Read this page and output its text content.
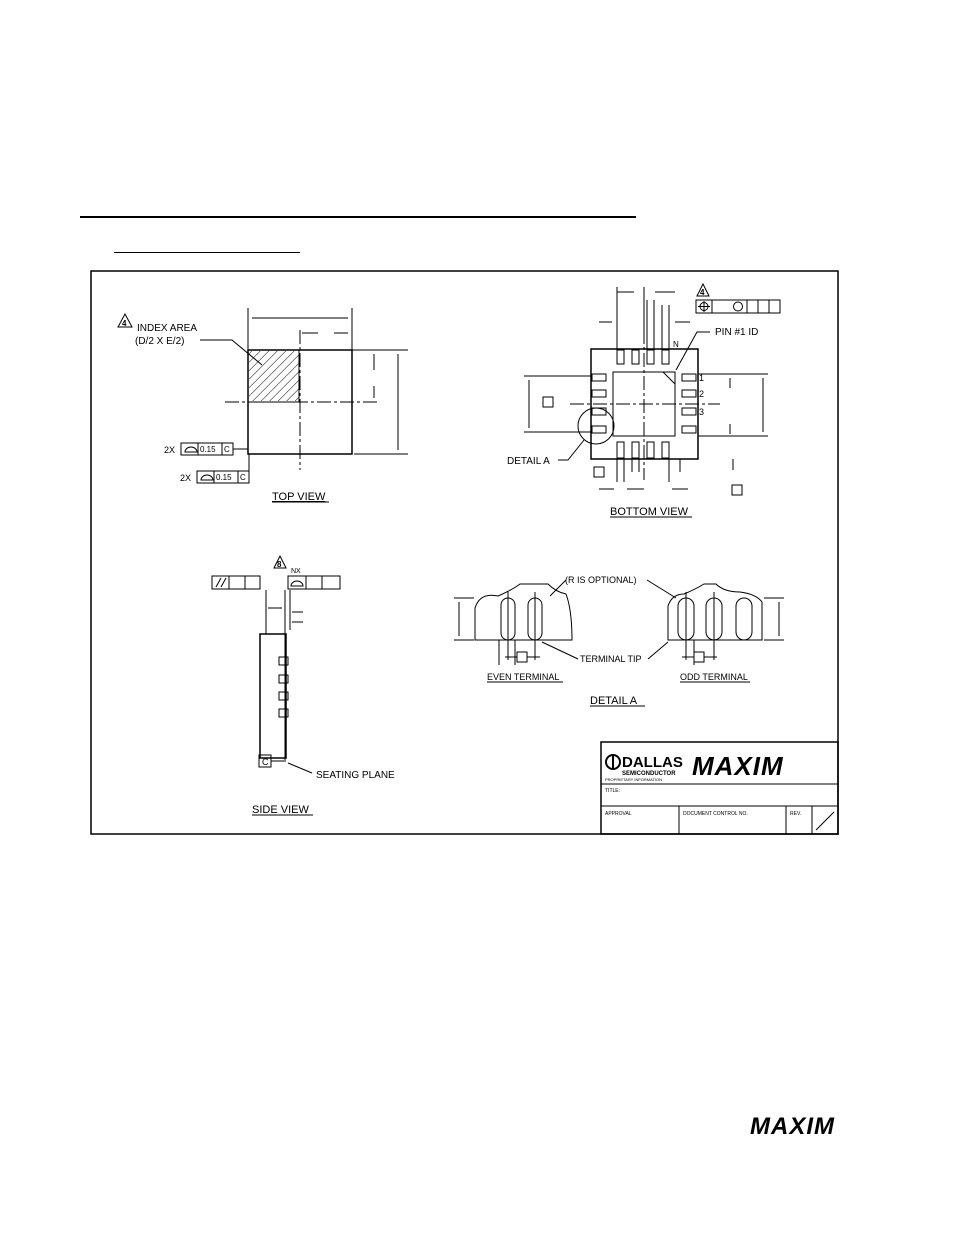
4 INDEX AREA
(D/2 X E/2)
2X	0.15 C
2X	0.15 C
TOP VIEW
4
PIN #1 ID
N
1
2
3
DETAIL A
BOTTOM VIEW
8
NX
C
SEATING PLANE
SIDE VIEW
(R IS OPTIONAL)
TERMINAL TIP
EVEN TERMINAL	ODD TERMINAL
DETAIL A
DALLAS
SEMICONDUCTOR MAXIM
PROPRIETARY INFORMATION
TITLE:
APPROVAL	DOCUMENT CONTROL NO.	REV.
MAXIM
